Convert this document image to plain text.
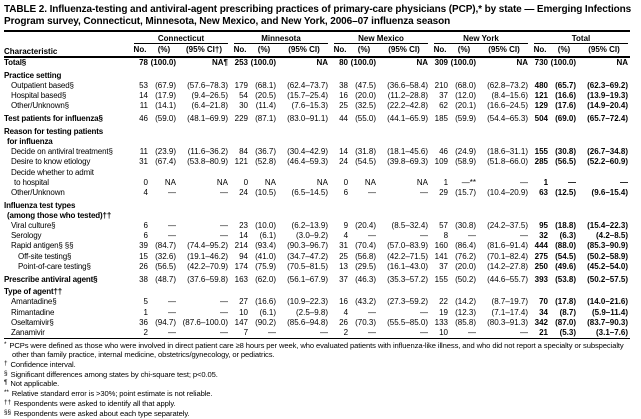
TABLE 2. Influenza-testing and antiviral-agent prescribing practices of primary-care physicians (PCP),* by state — Emerging Infections Program survey, Connecticut, Minnesota, New Mexico, and New York, 2006–07 influenza season
Characteristic	Connecticut			Minnesota			New Mexico			New York			Total		

	No.	(%)	(95% CI†)	No.	(%)	(95% CI)	No.	(%)	(95% CI)	No.	(%)	(95% CI)	No.	(%)	(95% CI)
Total§	78	(100.0)	NA¶	253	(100.0)	NA	80	(100.0)	NA	309	(100.0)	NA	730	(100.0)	NA
Practice setting															
Outpatient based§	53	(67.9)	(57.6–78.3)	179	(68.1)	(62.4–73.7)	38	(47.5)	(36.6–58.4)	210	(68.0)	(62.8–73.2)	480	(65.7)	(62.3–69.2)
Hospital based§	14	(17.9)	(9.4–26.5)	54	(20.5)	(15.7–25.4)	16	(20.0)	(11.2–28.8)	37	(12.0)	(8.4–15.6)	121	(16.6)	(13.9–19.3)
Other/Unknown§	11	(14.1)	(6.4–21.8)	30	(11.4)	(7.6–15.3)	25	(32.5)	(22.2–42.8)	62	(20.1)	(16.6–24.5)	129	(17.6)	(14.9–20.4)
Test patients for influenza§	46	(59.0)	(48.1–69.9)	229	(87.1)	(83.0–91.1)	44	(55.0)	(44.1–65.9)	185	(59.9)	(54.4–65.3)	504	(69.0)	(65.7–72.4)
Reason for testing patients
for influenza															
Decide on antiviral treatment§	11	(23.9)	(11.6–36.2)	84	(36.7)	(30.4–42.9)	14	(31.8)	(18.1–45.6)	46	(24.9)	(18.6–31.1)	155	(30.8)	(26.7–34.8)
Desire to know etiology	31	(67.4)	(53.8–80.9)	121	(52.8)	(46.4–59.3)	24	(54.5)	(39.8–69.3)	109	(58.9)	(51.8–66.0)	285	(56.5)	(52.2–60.9)
Decide whether to admit
to hospital	0	NA	NA	0	NA	NA	0	NA	NA	1	—**	—	1	—	—
Other/Unknown	4	—	—	24	(10.5)	(6.5–14.5)	6	—	—	29	(15.7)	(10.4–20.9)	63	(12.5)	(9.6–15.4)
Influenza test types
(among those who tested)††															
Viral culture§	6	—	—	23	(10.0)	(6.2–13.9)	9	(20.4)	(8.5–32.4)	57	(30.8)	(24.2–37.5)	95	(18.8)	(15.4–22.3)
Serology	6	—	—	14	(6.1)	(3.0–9.2)	4	—	—	8	—	—	32	(6.3)	(4.2–8.5)
Rapid antigen§ §§	39	(84.7)	(74.4–95.2)	214	(93.4)	(90.3–96.7)	31	(70.4)	(57.0–83.9)	160	(86.4)	(81.6–91.4)	444	(88.0)	(85.3–90.9)
Off-site testing§	15	(32.6)	(19.1–46.2)	94	(41.0)	(34.7–47.2)	25	(56.8)	(42.2–71.5)	141	(76.2)	(70.1–82.4)	275	(54.5)	(50.2–58.9)
Point-of-care testing§	26	(56.5)	(42.2–70.9)	174	(75.9)	(70.5–81.5)	13	(29.5)	(16.1–43.0)	37	(20.0)	(14.2–27.8)	250	(49.6)	(45.2–54.0)
Prescribe antiviral agent§	38	(48.7)	(37.6–59.8)	163	(62.0)	(56.1–67.9)	37	(46.3)	(35.3–57.2)	155	(50.2)	(44.6–55.7)	393	(53.8)	(50.2–57.5)
Type of agent††															
Amantadine§	5	—	—	27	(16.6)	(10.9–22.3)	16	(43.2)	(27.3–59.2)	22	(14.2)	(8.7–19.7)	70	(17.8)	(14.0–21.6)
Rimantadine	1	—	—	10	(6.1)	(2.5–9.8)	4	—	—	19	(12.3)	(7.1–17.4)	34	(8.7)	(5.9–11.4)
Oseltamivir§	36	(94.7)	(87.6–100.0)	147	(90.2)	(85.6–94.8)	26	(70.3)	(55.5–85.0)	133	(85.8)	(80.3–91.3)	342	(87.0)	(83.7–90.3)
Zanamivir	2	—	—	7	—	—	2	—	—	10	—	—	21	(5.3)	(3.1–7.6)
* PCPs were defined as those who were involved in direct patient care ≥8 hours per week, who evaluated patients with influenza-like illness, and who did not report a specialty or subspecialty other than family practice, internal medicine, obstetrics/gynecology, or pediatrics.
† Confidence interval.
§ Significant differences among states by chi-square test; p<0.05.
¶ Not applicable.
** Relative standard error is >30%; point estimate is not reliable.
†† Respondents were asked to identify all that apply.
§§ Respondents were asked about each type separately.
